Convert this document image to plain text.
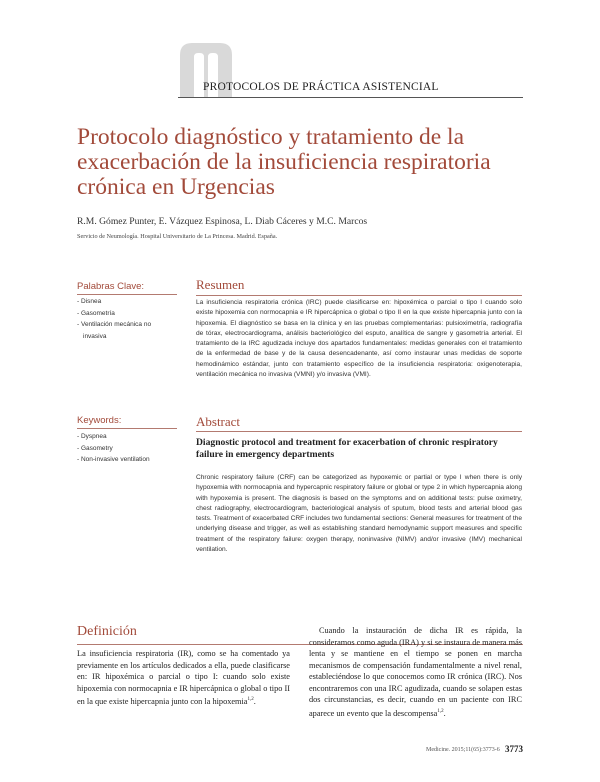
PROTOCOLOS DE PRÁCTICA ASISTENCIAL
Protocolo diagnóstico y tratamiento de la exacerbación de la insuficiencia respiratoria crónica en Urgencias
R.M. Gómez Punter, E. Vázquez Espinosa, L. Diab Cáceres y M.C. Marcos
Servicio de Neumología. Hospital Universitario de La Princesa. Madrid. España.
Palabras Clave:
- Disnea
- Gasometría
- Ventilación mecánica no
invasiva
Keywords:
- Dyspnea
- Gasometry
- Non-invasive ventilation
Resumen
La insuficiencia respiratoria crónica (IRC) puede clasificarse en: hipoxémica o parcial o tipo I cuando solo existe hipoxemia con normocapnia e IR hipercápnica o global o tipo II en la que existe hipercapnia junto con la hipoxemia. El diagnóstico se basa en la clínica y en las pruebas complementarias: pulsioximetría, radiografía de tórax, electrocardiograma, análisis bacteriológico del esputo, analítica de sangre y gasometría arterial. El tratamiento de la IRC agudizada incluye dos apartados fundamentales: medidas generales con el tratamiento de la enfermedad de base y de la causa desencadenante, así como instaurar unas medidas de soporte hemodinámico estándar, junto con tratamiento específico de la insuficiencia respiratoria: oxigenoterapia, ventilación mecánica no invasiva (VMNI) y/o invasiva (VMI).
Abstract
Diagnostic protocol and treatment for exacerbation of chronic respiratory failure in emergency departments
Chronic respiratory failure (CRF) can be categorized as hypoxemic or partial or type I when there is only hypoxemia with normocapnia and hypercapnic respiratory failure or global or type 2 in which hypercapnia along with hypoxemia is present. The diagnosis is based on the symptoms and on additional tests: pulse oximetry, chest radiography, electrocardiogram, bacteriological analysis of sputum, blood tests and arterial blood gas tests. Treatment of exacerbated CRF includes two fundamental sections: General measures for treatment of the underlying disease and trigger, as well as establishing standard hemodynamic support measures and specific treatment of the respiratory failure: oxygen therapy, noninvasive (NIMV) and/or invasive (IMV) mechanical ventilation.
Definición
La insuficiencia respiratoria (IR), como se ha comentado ya previamente en los artículos dedicados a ella, puede clasificarse en: IR hipoxémica o parcial o tipo I: cuando solo existe hipoxemia con normocapnia e IR hipercápnica o global o tipo II en la que existe hipercapnia junto con la hipoxemia$^{1,2}$.
Cuando la instauración de dicha IR es rápida, la consideramos como aguda (IRA) y si se instaura de manera más lenta y se mantiene en el tiempo se ponen en marcha mecanismos de compensación fundamentalmente a nivel renal, estableciéndose lo que conocemos como IR crónica (IRC). Nos encontraremos con una IRC agudizada, cuando se solapen estas dos circunstancias, es decir, cuando en un paciente con IRC aparece un evento que la descompensa$^{1,2}$.
Medicine. 2015;11(65):3773-6 3773
